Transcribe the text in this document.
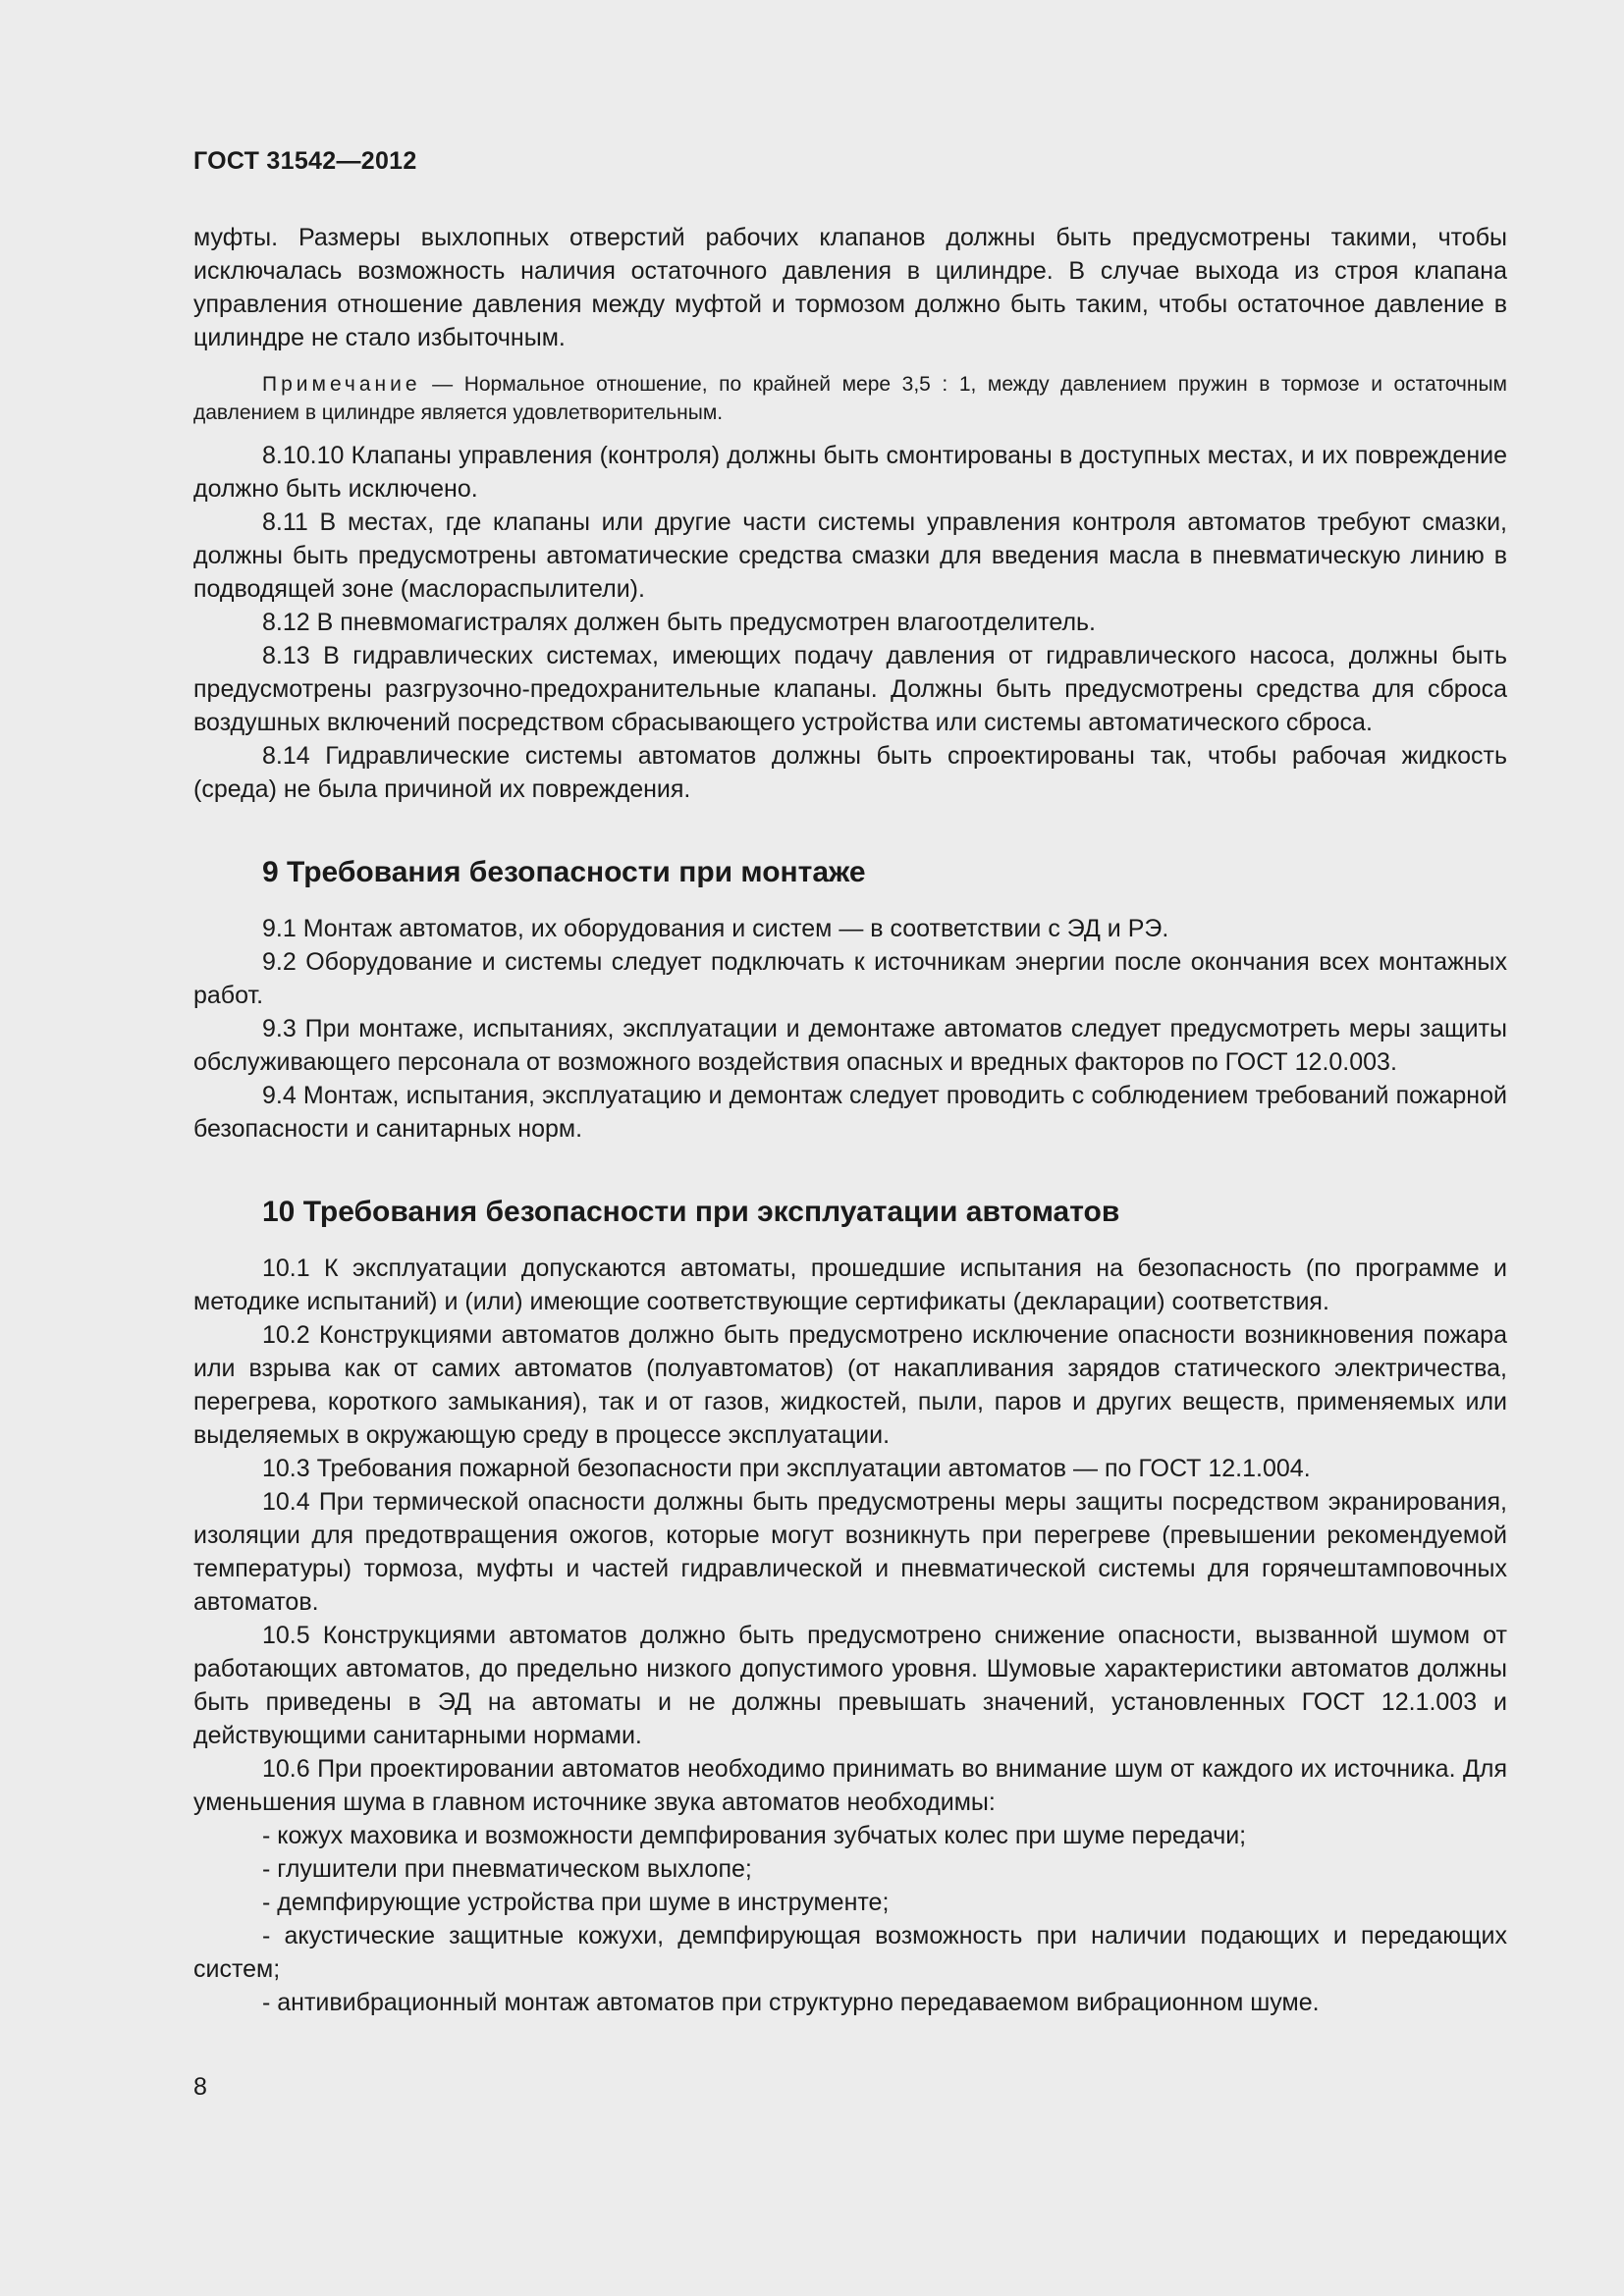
ГОСТ 31542—2012

муфты. Размеры выхлопных отверстий рабочих клапанов должны быть предусмотрены такими, чтобы исключалась возможность наличия остаточного давления в цилиндре. В случае выхода из строя клапана управления отношение давления между муфтой и тормозом должно быть таким, чтобы остаточное давление в цилиндре не стало избыточным.

Примечание — Нормальное отношение, по крайней мере 3,5 : 1, между давлением пружин в тормозе и остаточным давлением в цилиндре является удовлетворительным.

8.10.10 Клапаны управления (контроля) должны быть смонтированы в доступных местах, и их повреждение должно быть исключено.

8.11 В местах, где клапаны или другие части системы управления контроля автоматов требуют смазки, должны быть предусмотрены автоматические средства смазки для введения масла в пневматическую линию в подводящей зоне (маслораспылители).

8.12 В пневмомагистралях должен быть предусмотрен влагоотделитель.

8.13 В гидравлических системах, имеющих подачу давления от гидравлического насоса, должны быть предусмотрены разгрузочно-предохранительные клапаны. Должны быть предусмотрены средства для сброса воздушных включений посредством сбрасывающего устройства или системы автоматического сброса.

8.14 Гидравлические системы автоматов должны быть спроектированы так, чтобы рабочая жидкость (среда) не была причиной их повреждения.

9 Требования безопасности при монтаже

9.1 Монтаж автоматов, их оборудования и систем — в соответствии с ЭД и РЭ.

9.2 Оборудование и системы следует подключать к источникам энергии после окончания всех монтажных работ.

9.3 При монтаже, испытаниях, эксплуатации и демонтаже автоматов следует предусмотреть меры защиты обслуживающего персонала от возможного воздействия опасных и вредных факторов по ГОСТ 12.0.003.

9.4 Монтаж, испытания, эксплуатацию и демонтаж следует проводить с соблюдением требований пожарной безопасности и санитарных норм.

10 Требования безопасности при эксплуатации автоматов

10.1 К эксплуатации допускаются автоматы, прошедшие испытания на безопасность (по программе и методике испытаний) и (или) имеющие соответствующие сертификаты (декларации) соответствия.

10.2 Конструкциями автоматов должно быть предусмотрено исключение опасности возникновения пожара или взрыва как от самих автоматов (полуавтоматов) (от накапливания зарядов статического электричества, перегрева, короткого замыкания), так и от газов, жидкостей, пыли, паров и других веществ, применяемых или выделяемых в окружающую среду в процессе эксплуатации.

10.3 Требования пожарной безопасности при эксплуатации автоматов — по ГОСТ 12.1.004.

10.4 При термической опасности должны быть предусмотрены меры защиты посредством экранирования, изоляции для предотвращения ожогов, которые могут возникнуть при перегреве (превышении рекомендуемой температуры) тормоза, муфты и частей гидравлической и пневматической системы для горячештамповочных автоматов.

10.5 Конструкциями автоматов должно быть предусмотрено снижение опасности, вызванной шумом от работающих автоматов, до предельно низкого допустимого уровня. Шумовые характеристики автоматов должны быть приведены в ЭД на автоматы и не должны превышать значений, установленных ГОСТ 12.1.003 и действующими санитарными нормами.

10.6 При проектировании автоматов необходимо принимать во внимание шум от каждого их источника. Для уменьшения шума в главном источнике звука автоматов необходимы:

- кожух маховика и возможности демпфирования зубчатых колес при шуме передачи;

- глушители при пневматическом выхлопе;

- демпфирующие устройства при шуме в инструменте;

- акустические защитные кожухи, демпфирующая возможность при наличии подающих и передающих систем;

- антивибрационный монтаж автоматов при структурно передаваемом вибрационном шуме.

8
